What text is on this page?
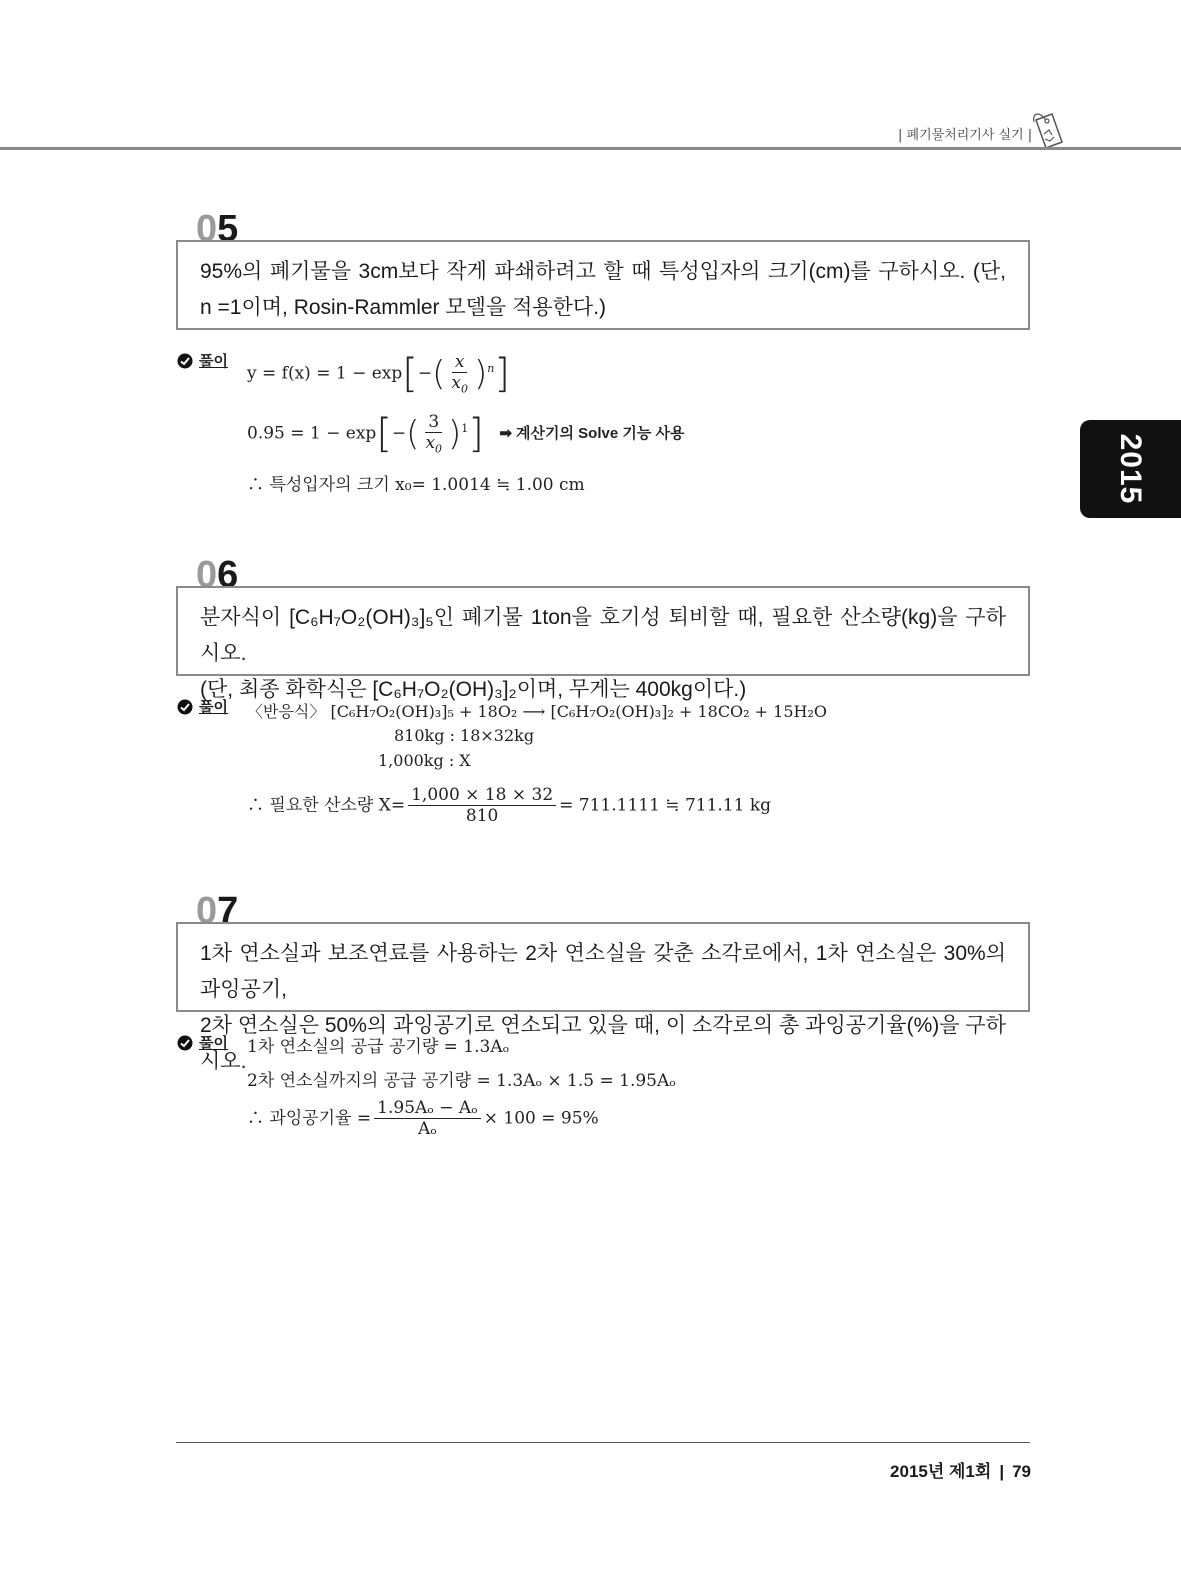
| 폐기물처리기사 실기 |
2015
05
95%의 폐기물을 3cm보다 작게 파쇄하려고 할 때 특성입자의 크기(cm)를 구하시오. (단, n =1이며, Rosin-Rammler 모델을 적용한다.)
풀이
$y = f(x) = 1 - \exp[-( \frac{x}{x_0} )^n]$
$0.95 = 1 - \exp[-( \frac{3}{x_0} )^1]$ ➡ 계산기의 Solve 기능 사용
∴ 특성입자의 크기 x₀= 1.0014 ≒ 1.00 cm
06
분자식이 [C₆H₇O₂(OH)₃]₅인 폐기물 1ton을 호기성 퇴비할 때, 필요한 산소량(kg)을 구하시오.
(단, 최종 화학식은 [C₆H₇O₂(OH)₃]₂이며, 무게는 400kg이다.)
풀이 〈반응식〉 [C₆H₇O₂(OH)₃]₅ + 18O₂ ⟶ [C₆H₇O₂(OH)₃]₂ + 18CO₂ + 15H₂O
810kg : 18×32kg
1,000kg : X
∴ 필요한 산소량 $X= \frac{1,000 \times 18 \times 32}{810} = 711.1111$ ≒ 711.11 kg
07
1차 연소실과 보조연료를 사용하는 2차 연소실을 갖춘 소각로에서, 1차 연소실은 30%의 과잉공기,
2차 연소실은 50%의 과잉공기로 연소되고 있을 때, 이 소각로의 총 과잉공기율(%)을 구하시오.
풀이 1차 연소실의 공급 공기량 = 1.3Aₒ
2차 연소실까지의 공급 공기량 = 1.3Aₒ × 1.5 = 1.95Aₒ
∴ 과잉공기율 = $\frac{\text{1.95Aₒ − Aₒ}}{\text{Aₒ}} \times 100 = 95\%$
2015년 제1회 | 79
